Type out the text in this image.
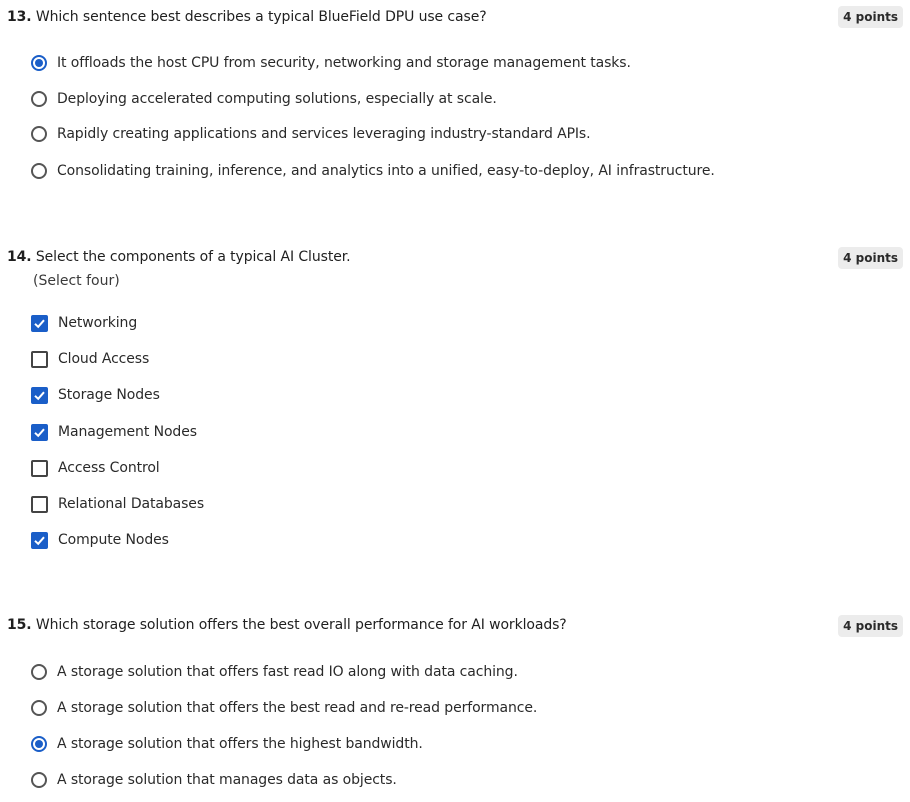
13. Which sentence best describes a typical BlueField DPU use case?	4 points
It offloads the host CPU from security, networking and storage management tasks.
Deploying accelerated computing solutions, especially at scale.
Rapidly creating applications and services leveraging industry-standard APIs.
Consolidating training, inference, and analytics into a unified, easy-to-deploy, AI infrastructure.
14. Select the components of a typical AI Cluster.
(Select four)
4 points
Networking
Cloud Access
Storage Nodes
Management Nodes
Access Control
Relational Databases
Compute Nodes
15. Which storage solution offers the best overall performance for AI workloads?	4 points
A storage solution that offers fast read IO along with data caching.
A storage solution that offers the best read and re-read performance.
A storage solution that offers the highest bandwidth.
A storage solution that manages data as objects.
